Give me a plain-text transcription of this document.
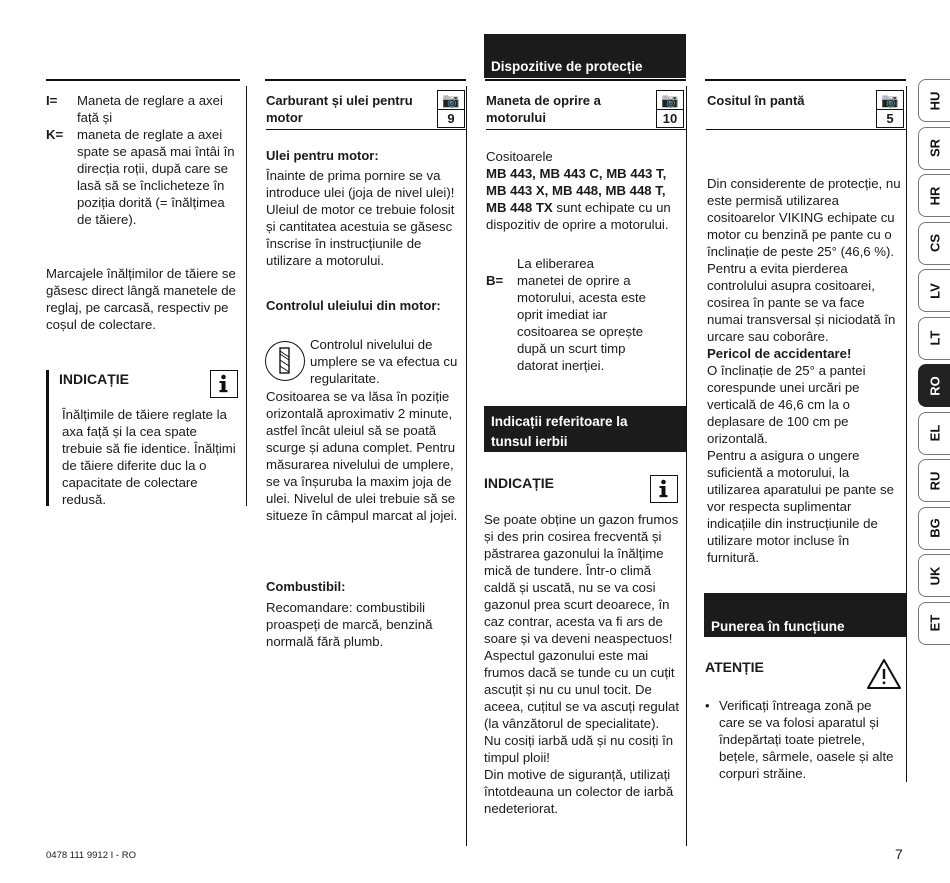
I= Maneta de reglare a axei față și
K= maneta de reglate a axei spate se apasă mai întâi în direcția roții, după care se lasă să se înclicheteze în poziția dorită (= înălțimea de tăiere).
Marcajele înălțimilor de tăiere se găsesc direct lângă manetele de reglaj, pe carcasă, respectiv pe coșul de colectare.
INDICAȚIE
Înălțimile de tăiere reglate la axa față și la cea spate trebuie să fie identice. Înălțimi de tăiere diferite duc la o capacitate de colectare redusă.
Carburant și ulei pentru motor
📷
9
Ulei pentru motor:
Înainte de prima pornire se va introduce ulei (joja de nivel ulei)! Uleiul de motor ce trebuie folosit și cantitatea acestuia se găsesc înscrise în instrucțiunile de utilizare a motorului.
Controlul uleiului din motor:
Controlul nivelului de umplere se va efectua cu regularitate.
Cositoarea se va lăsa în poziție orizontală aproximativ 2 minute, astfel încât uleiul să se poată scurge și aduna complet. Pentru măsurarea nivelului de umplere, se va înșuruba la maxim joja de ulei. Nivelul de ulei trebuie să se situeze în câmpul marcat al jojei.
Combustibil:
Recomandare: combustibili proaspeți de marcă, benzină normală fără plumb.
Dispozitive de protecție
Maneta de oprire a motorului
📷
10
Cositoarele
MB 443, MB 443 C, MB 443 T, MB 443 X, MB 448, MB 448 T, MB 448 TX sunt echipate cu un dispozitiv de oprire a motorului.
La eliberarea
B= manetei de oprire a motorului, acesta este oprit imediat iar cositoarea se oprește după un scurt timp datorat inerției.
Indicații referitoare la tunsul ierbii
INDICAȚIE
Se poate obține un gazon frumos și des prin cosirea frecventă și păstrarea gazonului la înălțime mică de tundere. Într-o climă caldă și uscată, nu se va cosi gazonul prea scurt deoarece, în caz contrar, acesta va fi ars de soare și va deveni neaspectuos!
Aspectul gazonului este mai frumos dacă se tunde cu un cuțit ascuțit și nu cu unul tocit. De aceea, cuțitul se va ascuți regulat (la vânzătorul de specialitate).
Nu cosiți iarbă udă și nu cosiți în timpul ploii!
Din motive de siguranță, utilizați întotdeauna un colector de iarbă nedeteriorat.
Cositul în pantă	📷
5
Din considerente de protecție, nu este permisă utilizarea cositoarelor VIKING echipate cu motor cu benzină pe pante cu o înclinație de peste 25° (46,6 %). Pentru a evita pierderea controlului asupra cositoarei, cosirea în pante se va face numai transversal și niciodată în urcare sau coborâre.
Pericol de accidentare!
O înclinație de 25° a pantei corespunde unei urcări pe verticală de 46,6 cm la o deplasare de 100 cm pe orizontală.
Pentru a asigura o ungere suficientă a motorului, la utilizarea aparatului pe pante se vor respecta suplimentar indicațiile din instrucțiunile de utilizare motor incluse în furnitură.
Punerea în funcțiune
ATENȚIE
• Verificați întreaga zonă pe care se va folosi aparatul și îndepărtați toate pietrele, bețele, sârmele, oasele și alte corpuri străine.
HU
SR
HR
CS
LV
LT
RO
EL
RU
BG
UK
ET
0478 111 9912 I - RO	7
